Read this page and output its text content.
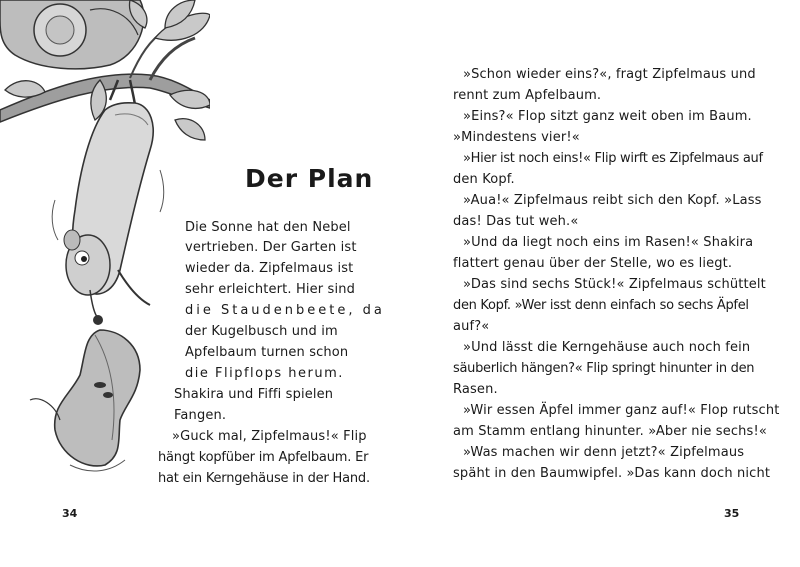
Der Plan
Die Sonne hat den Nebel
vertrieben. Der Garten ist
wieder da. Zipfelmaus ist
sehr erleichtert. Hier sind
die Staudenbeete, da
der Kugelbusch und im
Apfelbaum turnen schon
die Flipflops herum.
Shakira und Fiffi spielen
Fangen.
»Guck mal, Zipfelmaus!« Flip
hängt kopfüber im Apfelbaum. Er
hat ein Kerngehäuse in der Hand.
34
»Schon wieder eins?«, fragt Zipfelmaus und
rennt zum Apfelbaum.
»Eins?« Flop sitzt ganz weit oben im Baum.
»Mindestens vier!«
»Hier ist noch eins!« Flip wirft es Zipfelmaus auf
den Kopf.
»Aua!« Zipfelmaus reibt sich den Kopf. »Lass
das! Das tut weh.«
»Und da liegt noch eins im Rasen!« Shakira
flattert genau über der Stelle, wo es liegt.
»Das sind sechs Stück!« Zipfelmaus schüttelt
den Kopf. »Wer isst denn einfach so sechs Äpfel
auf?«
»Und lässt die Kerngehäuse auch noch fein
säuberlich hängen?« Flip springt hinunter in den
Rasen.
»Wir essen Äpfel immer ganz auf!« Flop rutscht
am Stamm entlang hinunter. »Aber nie sechs!«
»Was machen wir denn jetzt?« Zipfelmaus
späht in den Baumwipfel. »Das kann doch nicht
35
